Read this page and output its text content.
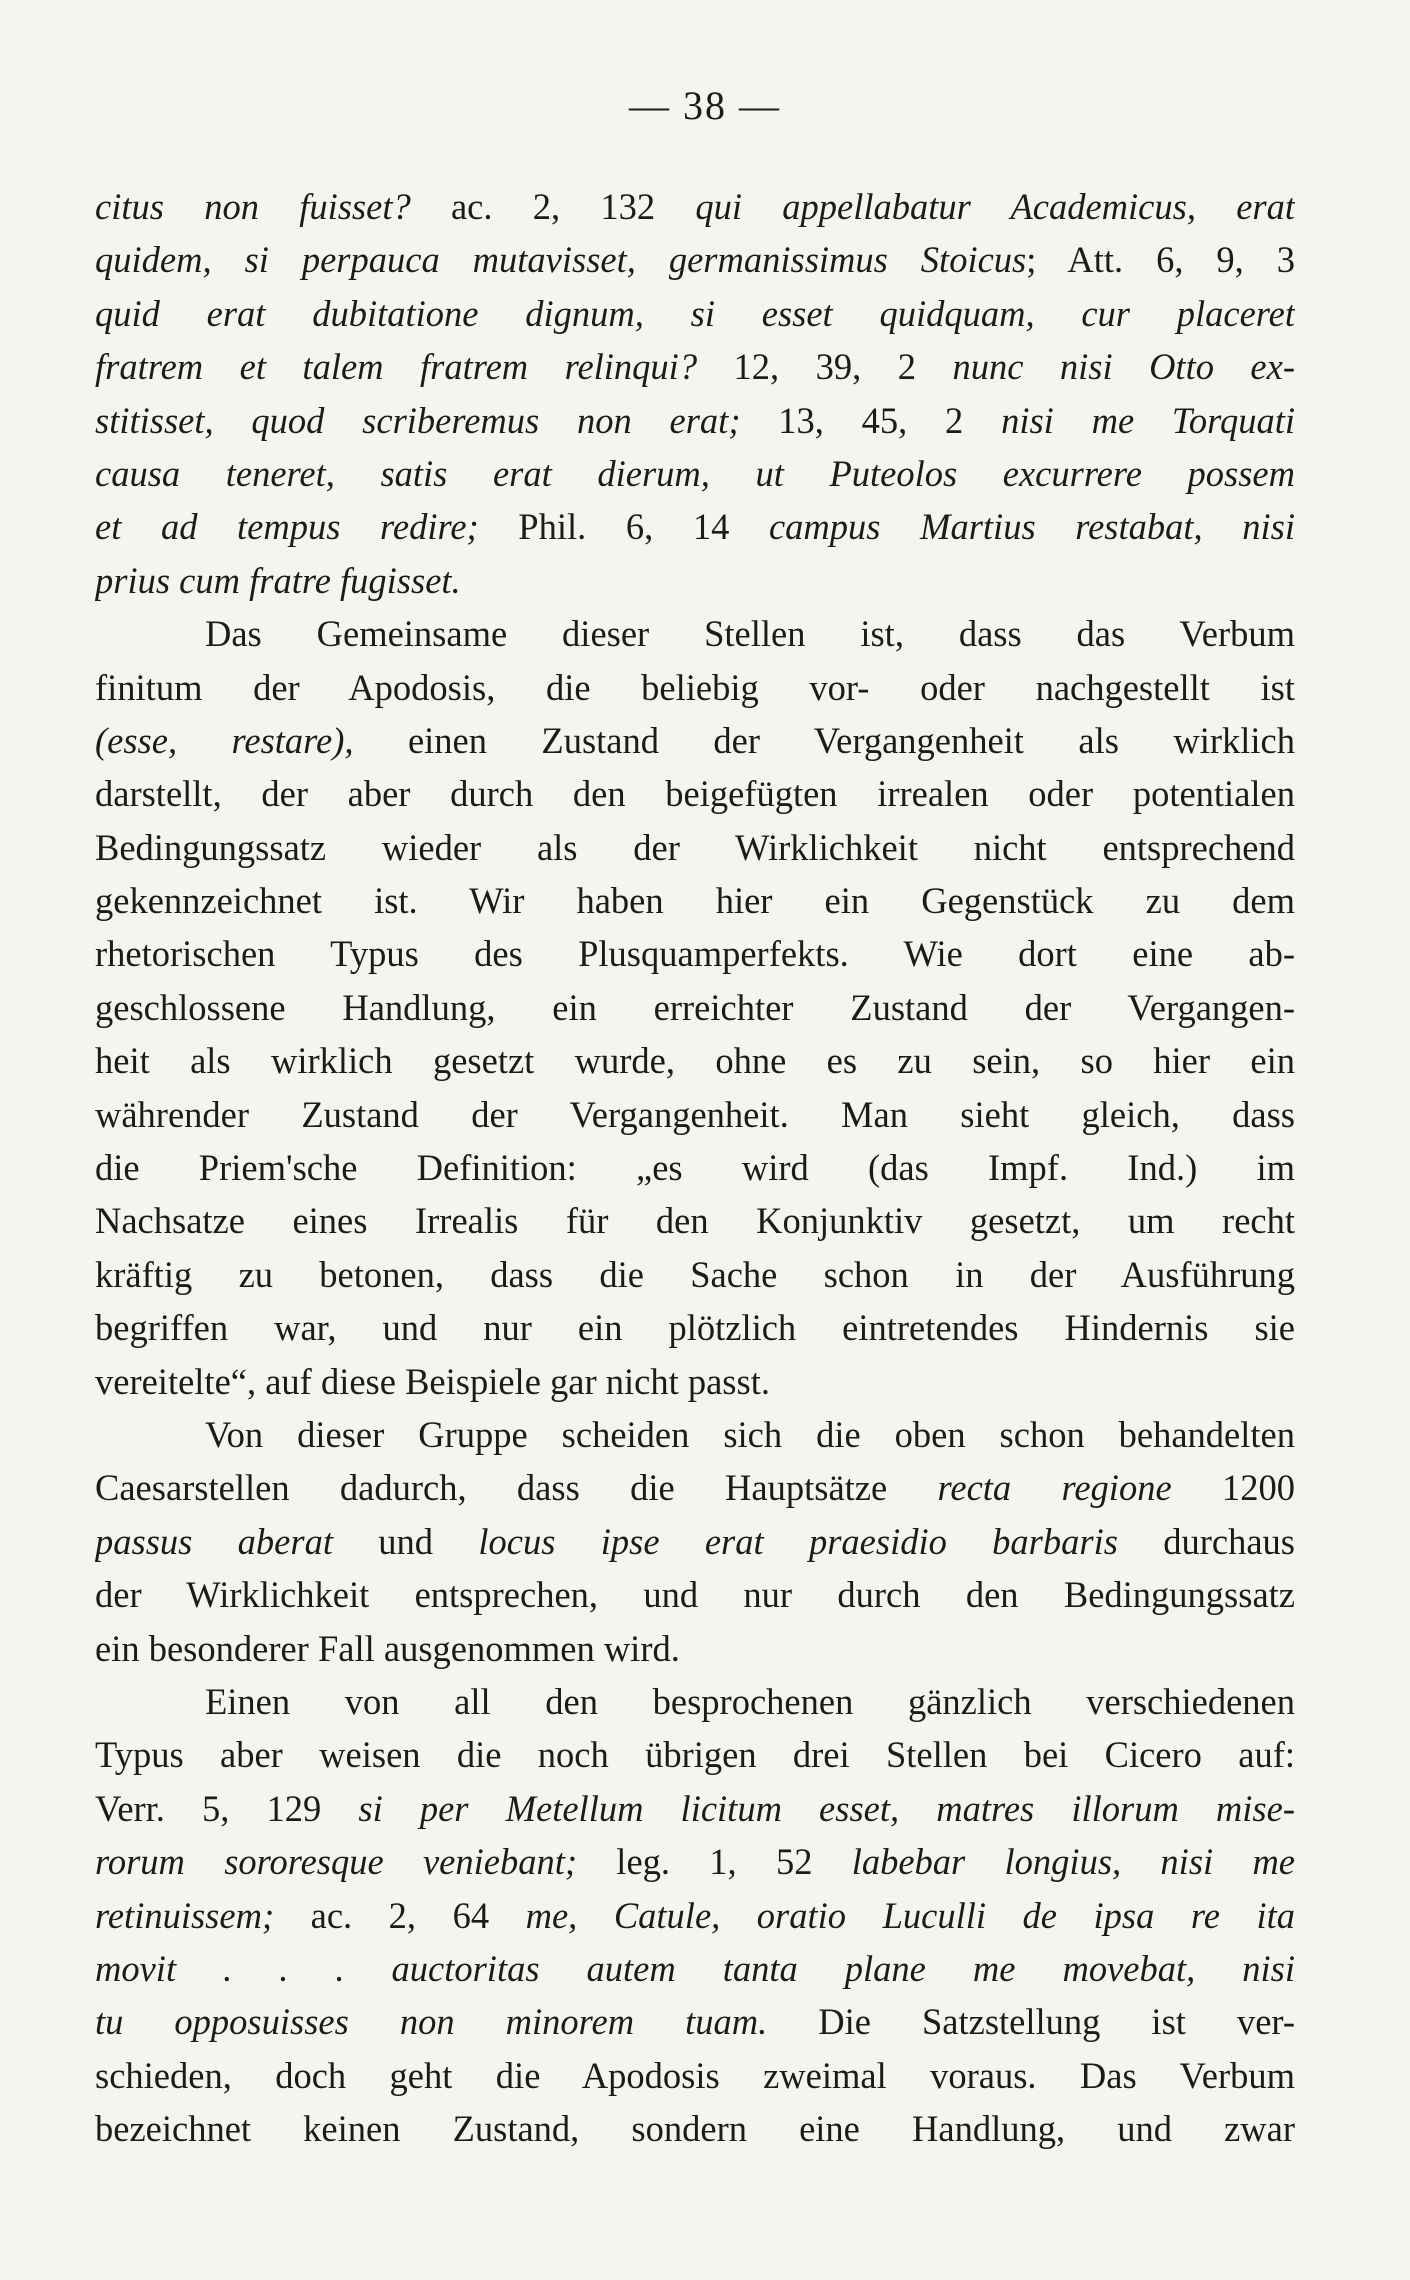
— 38 —
citus non fuisset? ac. 2, 132 qui appellabatur Academicus, erat
quidem, si perpauca mutavisset, germanissimus Stoicus; Att. 6, 9, 3
quid erat dubitatione dignum, si esset quidquam, cur placeret
fratrem et talem fratrem relinqui? 12, 39, 2 nunc nisi Otto ex-
stitisset, quod scriberemus non erat; 13, 45, 2 nisi me Torquati
causa teneret, satis erat dierum, ut Puteolos excurrere possem
et ad tempus redire; Phil. 6, 14 campus Martius restabat, nisi
prius cum fratre fugisset.
Das Gemeinsame dieser Stellen ist, dass das Verbum
finitum der Apodosis, die beliebig vor- oder nachgestellt ist
(esse, restare), einen Zustand der Vergangenheit als wirklich
darstellt, der aber durch den beigefügten irrealen oder potentialen
Bedingungssatz wieder als der Wirklichkeit nicht entsprechend
gekennzeichnet ist. Wir haben hier ein Gegenstück zu dem
rhetorischen Typus des Plusquamperfekts. Wie dort eine ab-
geschlossene Handlung, ein erreichter Zustand der Vergangen-
heit als wirklich gesetzt wurde, ohne es zu sein, so hier ein
währender Zustand der Vergangenheit. Man sieht gleich, dass
die Priem'sche Definition: „es wird (das Impf. Ind.) im
Nachsatze eines Irrealis für den Konjunktiv gesetzt, um recht
kräftig zu betonen, dass die Sache schon in der Ausführung
begriffen war, und nur ein plötzlich eintretendes Hindernis sie
vereitelte“, auf diese Beispiele gar nicht passt.
Von dieser Gruppe scheiden sich die oben schon behandelten
Caesarstellen dadurch, dass die Hauptsätze recta regione 1200
passus aberat und locus ipse erat praesidio barbaris durchaus
der Wirklichkeit entsprechen, und nur durch den Bedingungssatz
ein besonderer Fall ausgenommen wird.
Einen von all den besprochenen gänzlich verschiedenen
Typus aber weisen die noch übrigen drei Stellen bei Cicero auf:
Verr. 5, 129 si per Metellum licitum esset, matres illorum mise-
rorum sororesque veniebant; leg. 1, 52 labebar longius, nisi me
retinuissem; ac. 2, 64 me, Catule, oratio Luculli de ipsa re ita
movit . . . auctoritas autem tanta plane me movebat, nisi
tu opposuisses non minorem tuam. Die Satzstellung ist ver-
schieden, doch geht die Apodosis zweimal voraus. Das Verbum
bezeichnet keinen Zustand, sondern eine Handlung, und zwar
